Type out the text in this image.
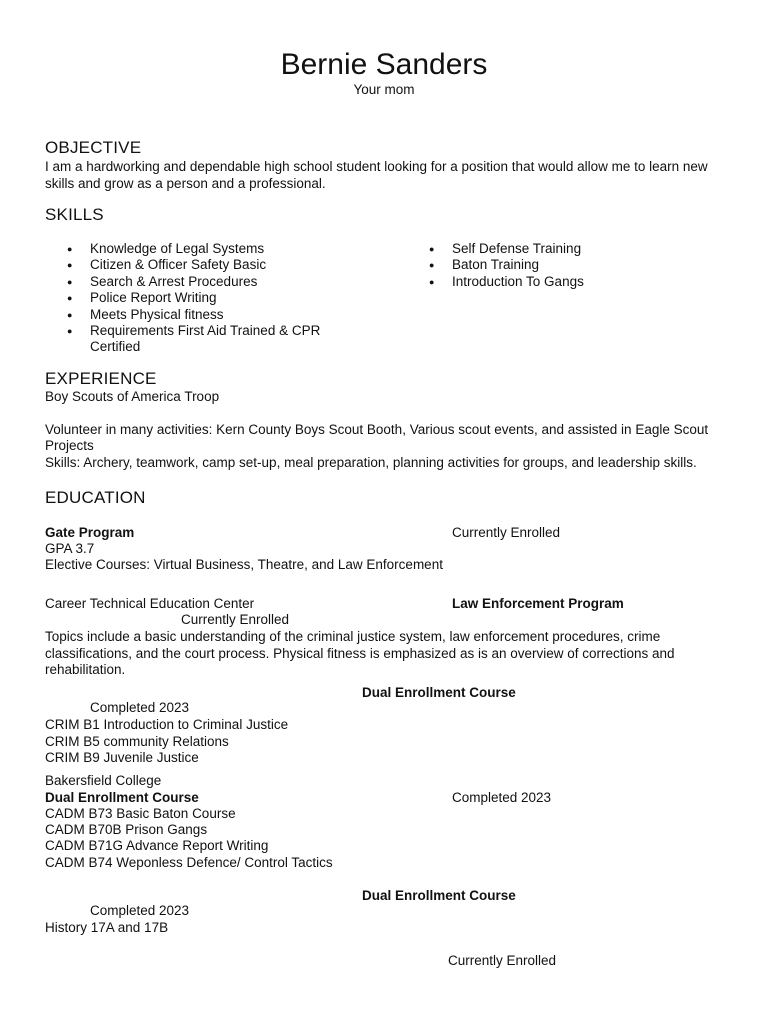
Bernie Sanders
Your mom
OBJECTIVE
I am a hardworking and dependable high school student looking for a position that would allow me to learn new
skills and grow as a person and a professional.
SKILLS
● Knowledge of Legal Systems
● Citizen & Officer Safety Basic
● Search & Arrest Procedures
● Police Report Writing
● Meets Physical fitness
● Requirements First Aid Trained & CPR Certified
● Self Defense Training
● Baton Training
● Introduction To Gangs
EXPERIENCE
Boy Scouts of America Troop
Volunteer in many activities: Kern County Boys Scout Booth, Various scout events, and assisted in Eagle Scout
Projects
Skills: Archery, teamwork, camp set-up, meal preparation, planning activities for groups, and leadership skills.
EDUCATION
Gate Program	Currently Enrolled
GPA 3.7
Elective Courses: Virtual Business, Theatre, and Law Enforcement
Career Technical Education Center	Law Enforcement Program
Currently Enrolled
Topics include a basic understanding of the criminal justice system, law enforcement procedures, crime
classifications, and the court process. Physical fitness is emphasized as is an overview of corrections and
rehabilitation.
Dual Enrollment Course
Completed 2023
CRIM B1 Introduction to Criminal Justice
CRIM B5 community Relations
CRIM B9 Juvenile Justice
Bakersfield College
Dual Enrollment Course	Completed 2023
CADM B73 Basic Baton Course
CADM B70B Prison Gangs
CADM B71G Advance Report Writing
CADM B74 Weponless Defence/ Control Tactics
Dual Enrollment Course
Completed 2023
History 17A and 17B
Currently Enrolled
